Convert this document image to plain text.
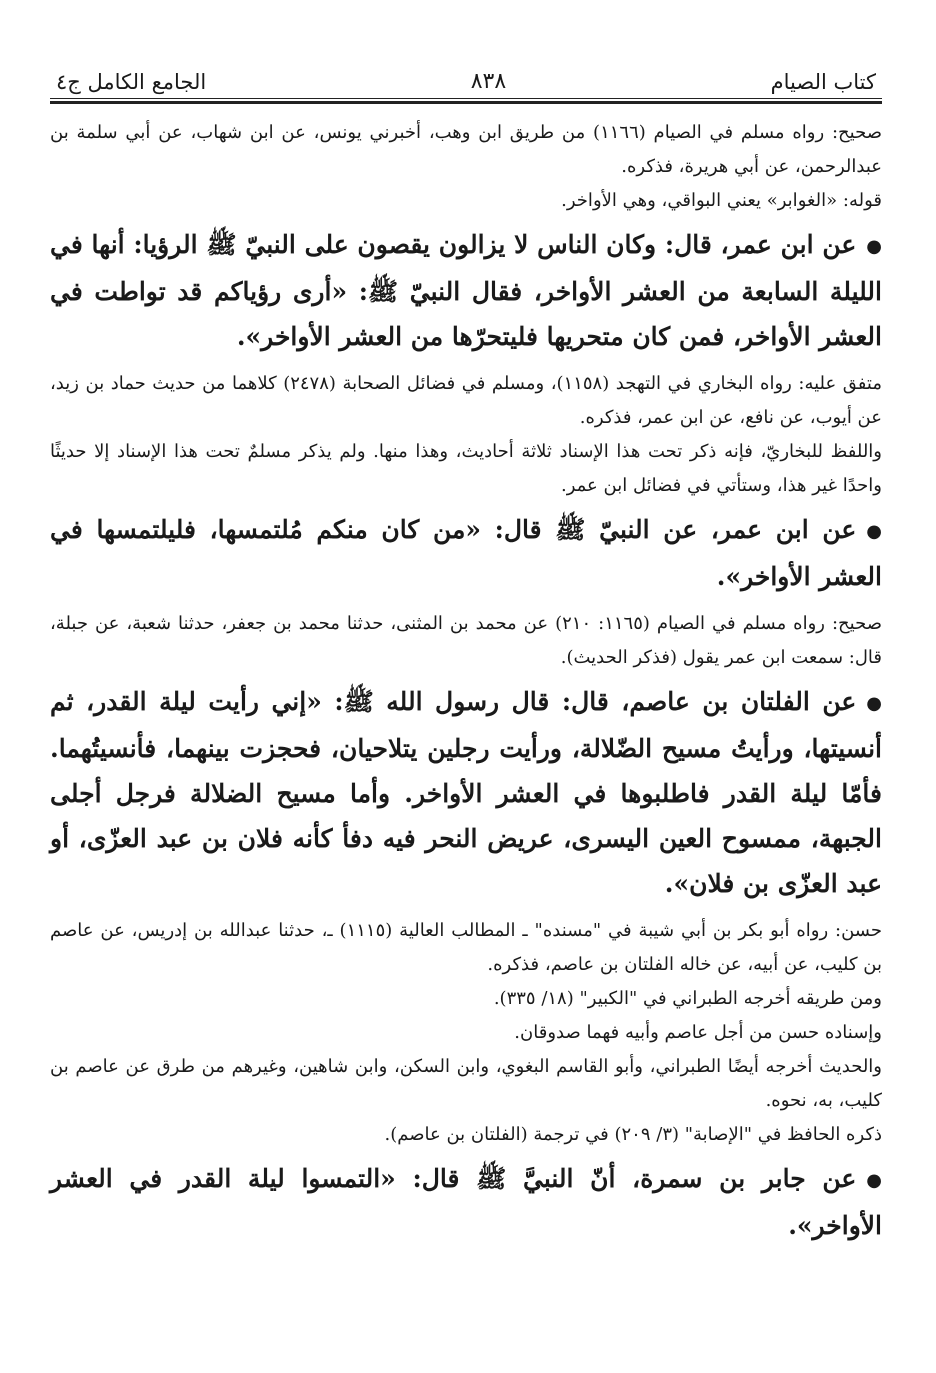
كتاب الصيام
٨٣٨
الجامع الكامل ج٤

صحيح: رواه مسلم في الصيام (١١٦٦) من طريق ابن وهب، أخبرني يونس، عن ابن شهاب، عن أبي سلمة بن عبدالرحمن، عن أبي هريرة، فذكره.

قوله: «الغوابر» يعني البواقي، وهي الأواخر.

●عن ابن عمر، قال: وكان الناس لا يزالون يقصون على النبيّ ﷺ الرؤيا: أنها في الليلة السابعة من العشر الأواخر، فقال النبيّ ﷺ: «أرى رؤياكم قد تواطت في العشر الأواخر، فمن كان متحريها فليتحرّها من العشر الأواخر».

متفق عليه: رواه البخاري في التهجد (١١٥٨)، ومسلم في فضائل الصحابة (٢٤٧٨) كلاهما من حديث حماد بن زيد، عن أيوب، عن نافع، عن ابن عمر، فذكره.

واللفظ للبخاريّ، فإنه ذكر تحت هذا الإسناد ثلاثة أحاديث، وهذا منها. ولم يذكر مسلمٌ تحت هذا الإسناد إلا حديثًا واحدًا غير هذا، وستأتي في فضائل ابن عمر.

●عن ابن عمر، عن النبيّ ﷺ قال: «من كان منكم مُلتمسها، فليلتمسها في العشر الأواخر».

صحيح: رواه مسلم في الصيام (١١٦٥: ٢١٠) عن محمد بن المثنى، حدثنا محمد بن جعفر، حدثنا شعبة، عن جبلة، قال: سمعت ابن عمر يقول (فذكر الحديث).

●عن الفلتان بن عاصم، قال: قال رسول الله ﷺ: «إني رأيت ليلة القدر، ثم أنسيتها، ورأيتُ مسيح الضّلالة، ورأيت رجلين يتلاحيان، فحجزت بينهما، فأنسيتُهما. فأمّا ليلة القدر فاطلبوها في العشر الأواخر. وأما مسيح الضلالة فرجل أجلى الجبهة، ممسوح العين اليسرى، عريض النحر فيه دفأ كأنه فلان بن عبد العزّى، أو عبد العزّى بن فلان».

حسن: رواه أبو بكر بن أبي شيبة في "مسنده" ـ المطالب العالية (١١١٥) ـ، حدثنا عبدالله بن إدريس، عن عاصم بن كليب، عن أبيه، عن خاله الفلتان بن عاصم، فذكره.

ومن طريقه أخرجه الطبراني في "الكبير" (١٨/ ٣٣٥).

وإسناده حسن من أجل عاصم وأبيه فهما صدوقان.

والحديث أخرجه أيضًا الطبراني، وأبو القاسم البغوي، وابن السكن، وابن شاهين، وغيرهم من طرق عن عاصم بن كليب، به، نحوه.

ذكره الحافظ في "الإصابة" (٣/ ٢٠٩) في ترجمة (الفلتان بن عاصم).

●عن جابر بن سمرة، أنّ النبيَّ ﷺ قال: «التمسوا ليلة القدر في العشر الأواخر».
